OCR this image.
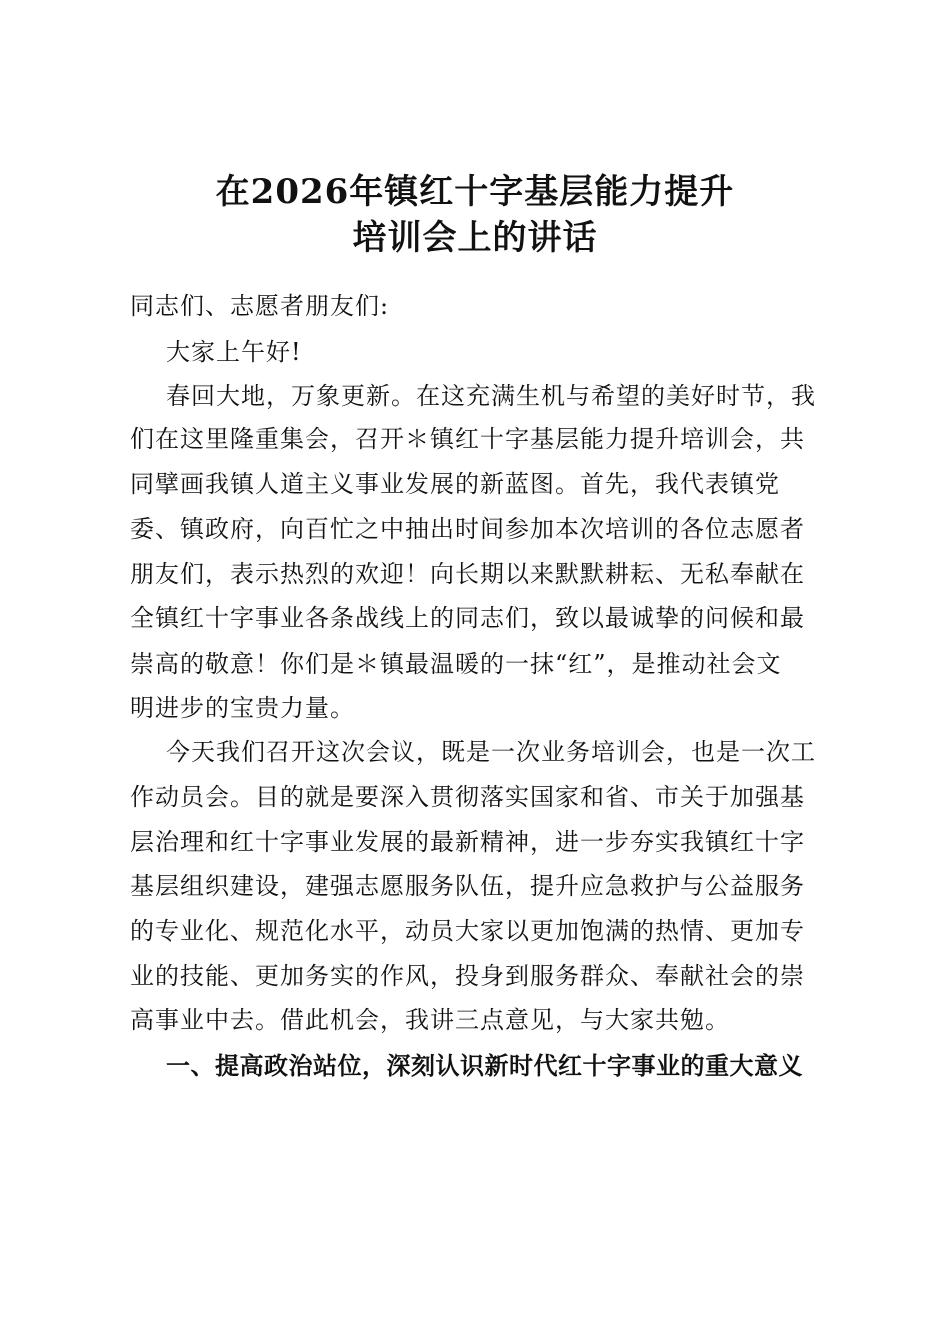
在2026年镇红十字基层能力提升
培训会上的讲话
同志们、志愿者朋友们:
大家上午好!
春回大地，万象更新。在这充满生机与希望的美好时节，我
们在这里隆重集会，召开＊镇红十字基层能力提升培训会，共
同擘画我镇人道主义事业发展的新蓝图。首先，我代表镇党
委、镇政府，向百忙之中抽出时间参加本次培训的各位志愿者
朋友们，表示热烈的欢迎！向长期以来默默耕耘、无私奉献在
全镇红十字事业各条战线上的同志们，致以最诚挚的问候和最
崇高的敬意！你们是＊镇最温暖的一抹“红”，是推动社会文
明进步的宝贵力量。
今天我们召开这次会议，既是一次业务培训会，也是一次工
作动员会。目的就是要深入贯彻落实国家和省、市关于加强基
层治理和红十字事业发展的最新精神，进一步夯实我镇红十字
基层组织建设，建强志愿服务队伍，提升应急救护与公益服务
的专业化、规范化水平，动员大家以更加饱满的热情、更加专
业的技能、更加务实的作风，投身到服务群众、奉献社会的崇
高事业中去。借此机会，我讲三点意见，与大家共勉。
一、提高政治站位，深刻认识新时代红十字事业的重大意义
